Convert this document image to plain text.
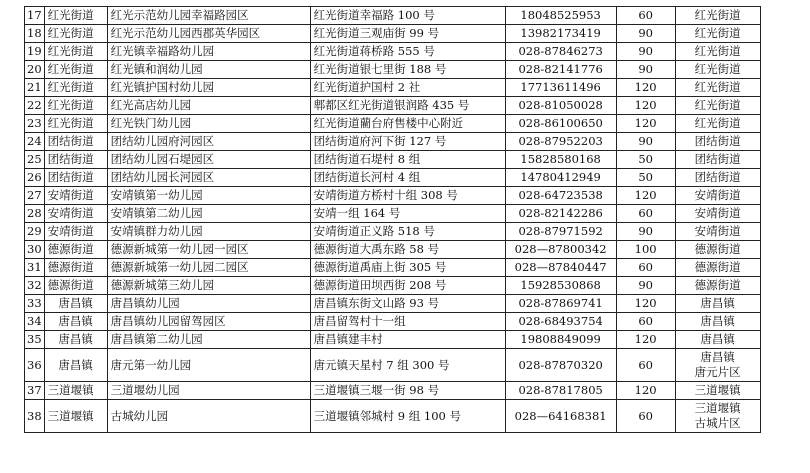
17	红光街道	红光示范幼儿园幸福路园区	红光街道幸福路 100 号	18048525953	60	红光街道

18	红光街道	红光示范幼儿园西郡英华园区	红光街道三观庙街 99 号	13982173419	90	红光街道

19	红光街道	红光镇幸福路幼儿园	红光街道蒋桥路 555 号	028-87846273	90	红光街道

20	红光街道	红光镇和润幼儿园	红光街道银七里街 188 号	028-82141776	90	红光街道

21	红光街道	红光镇护国村幼儿园	红光街道护国村 2 社	17713611496	120	红光街道

22	红光街道	红光高店幼儿园	郫都区红光街道银润路 435 号	028-81050028	120	红光街道

23	红光街道	红光铁门幼儿园	红光街道藺台府售楼中心附近	028-86100650	120	红光街道

24	团结街道	团结幼儿园府河园区	团结街道府河下街 127 号	028-87952203	90	团结街道

25	团结街道	团结幼儿园石堤园区	团结街道石堤村 8 组	15828580168	50	团结街道

26	团结街道	团结幼儿园长河园区	团结街道长河村 4 组	14780412949	50	团结街道

27	安靖街道	安靖镇第一幼儿园	安靖街道方桥村十组 308 号	028-64723538	120	安靖街道

28	安靖街道	安靖镇第二幼儿园	安靖一组 164 号	028-82142286	60	安靖街道

29	安靖街道	安靖镇群力幼儿园	安靖街道正义路 518 号	028-87971592	90	安靖街道

30	德源街道	德源新城第一幼儿园一园区	德源街道大禹东路 58 号	028—87800342	100	德源街道

31	德源街道	德源新城第一幼儿园二园区	德源街道禹庙上街 305 号	028—87840447	60	德源街道

32	德源街道	德源新城第三幼儿园	德源街道田坝西街 208 号	15928530868	90	德源街道

33	唐昌镇	唐昌镇幼儿园	唐昌镇东街文山路 93 号	028-87869741	120	唐昌镇

34	唐昌镇	唐昌镇幼儿园留驾园区	唐昌留驾村十一组	028-68493754	60	唐昌镇

35	唐昌镇	唐昌镇第二幼儿园	唐昌镇建丰村	19808849099	120	唐昌镇

36	唐昌镇	唐元第一幼儿园	唐元镇天星村 7 组 300 号	028-87870320	60	唐昌镇
唐元片区

37	三道堰镇	三道堰幼儿园	三道堰镇三堰一街 98 号	028-87817805	120	三道堰镇

38	三道堰镇	古城幼儿园	三道堰镇邻城村 9 组 100 号	028—64168381	60	三道堰镇
古城片区
